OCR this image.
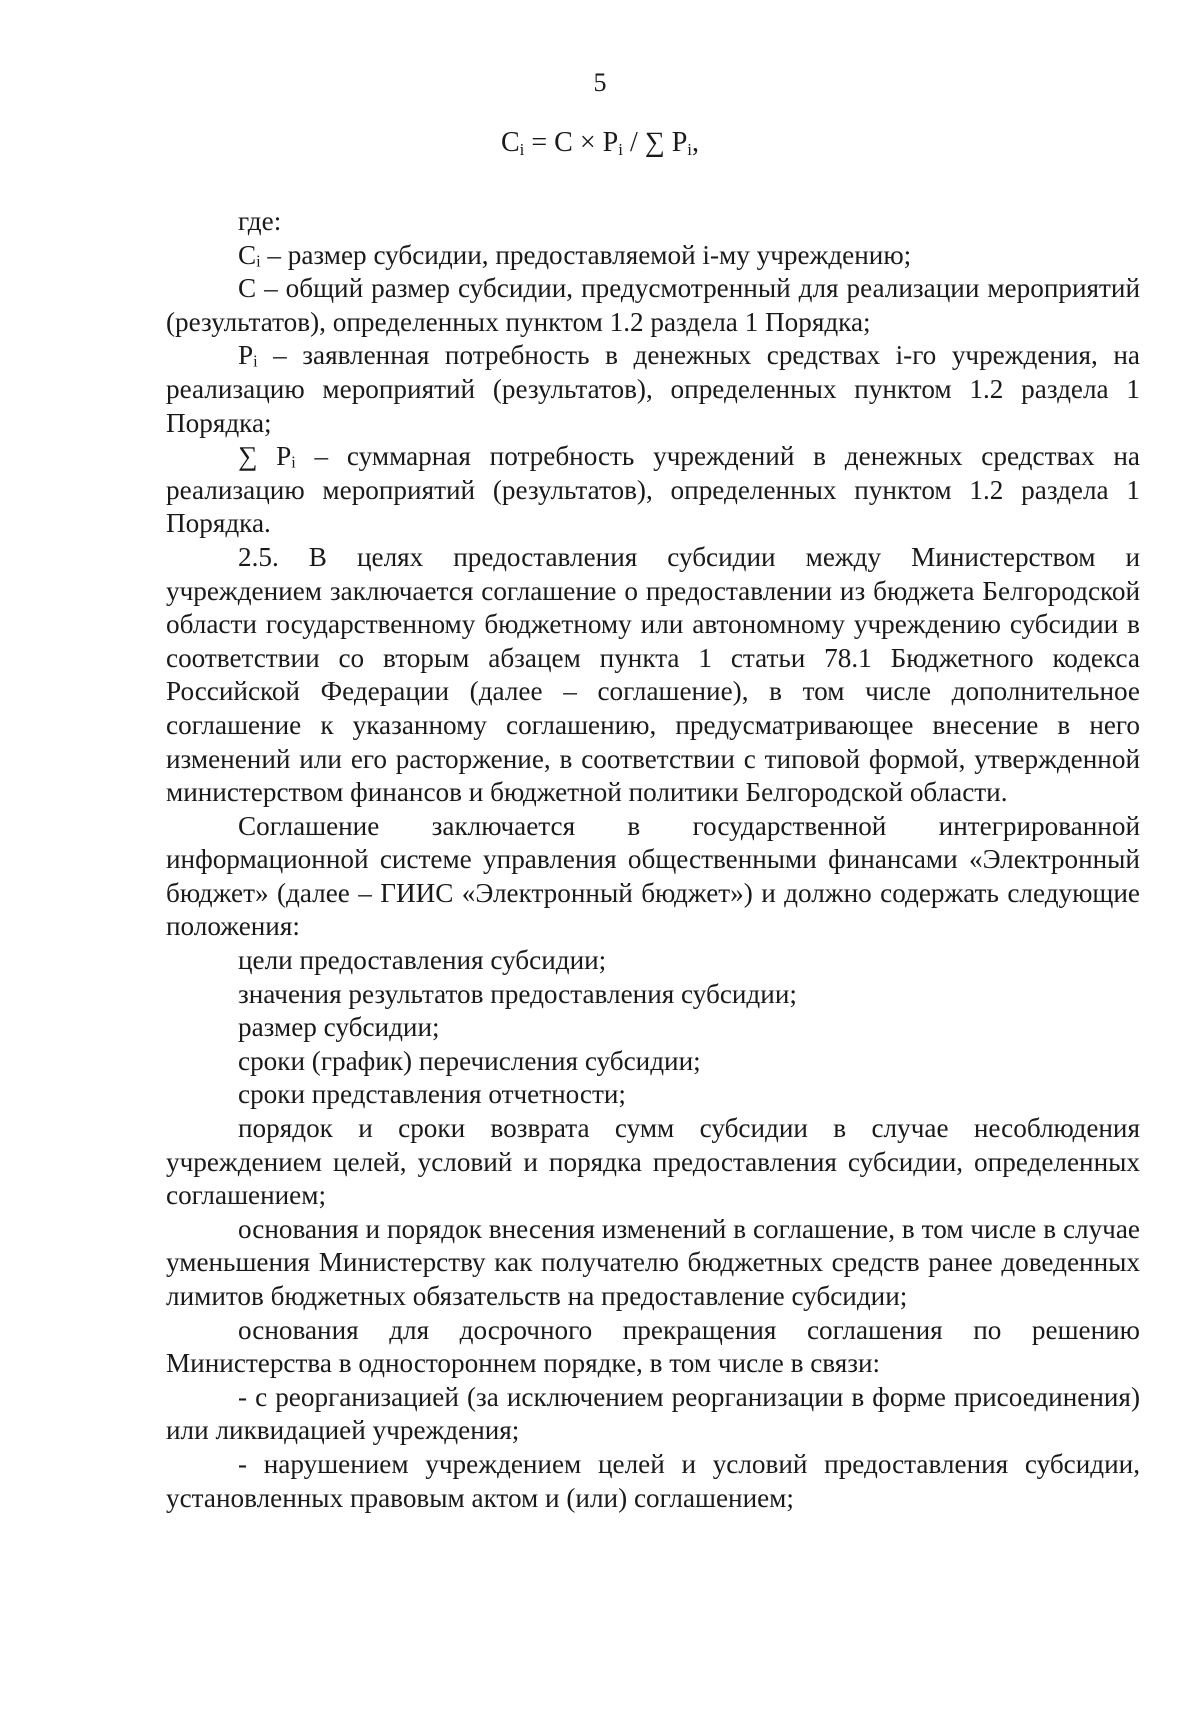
5
$C_i = C \times P_i$ / ∑ $P_i$,

где:

Cᵢ – размер субсидии, предоставляемой i-му учреждению;

С – общий размер субсидии, предусмотренный для реализации мероприятий (результатов), определенных пунктом 1.2 раздела 1 Порядка;

Pᵢ – заявленная потребность в денежных средствах i-го учреждения, на реализацию мероприятий (результатов), определенных пунктом 1.2 раздела 1 Порядка;

∑ Pᵢ – суммарная потребность учреждений в денежных средствах на реализацию мероприятий (результатов), определенных пунктом 1.2 раздела 1 Порядка.

2.5. В целях предоставления субсидии между Министерством и учреждением заключается соглашение о предоставлении из бюджета Белгородской области государственному бюджетному или автономному учреждению субсидии в соответствии со вторым абзацем пункта 1 статьи 78.1 Бюджетного кодекса Российской Федерации (далее – соглашение), в том числе дополнительное соглашение к указанному соглашению, предусматривающее внесение в него изменений или его расторжение, в соответствии с типовой формой, утвержденной министерством финансов и бюджетной политики Белгородской области.

Соглашение заключается в государственной интегрированной информационной системе управления общественными финансами «Электронный бюджет» (далее – ГИИС «Электронный бюджет») и должно содержать следующие положения:

цели предоставления субсидии;

значения результатов предоставления субсидии;

размер субсидии;

сроки (график) перечисления субсидии;

сроки представления отчетности;

порядок и сроки возврата сумм субсидии в случае несоблюдения учреждением целей, условий и порядка предоставления субсидии, определенных соглашением;

основания и порядок внесения изменений в соглашение, в том числе в случае уменьшения Министерству как получателю бюджетных средств ранее доведенных лимитов бюджетных обязательств на предоставление субсидии;

основания для досрочного прекращения соглашения по решению Министерства в одностороннем порядке, в том числе в связи:

- с реорганизацией (за исключением реорганизации в форме присоединения) или ликвидацией учреждения;

- нарушением учреждением целей и условий предоставления субсидии, установленных правовым актом и (или) соглашением;
